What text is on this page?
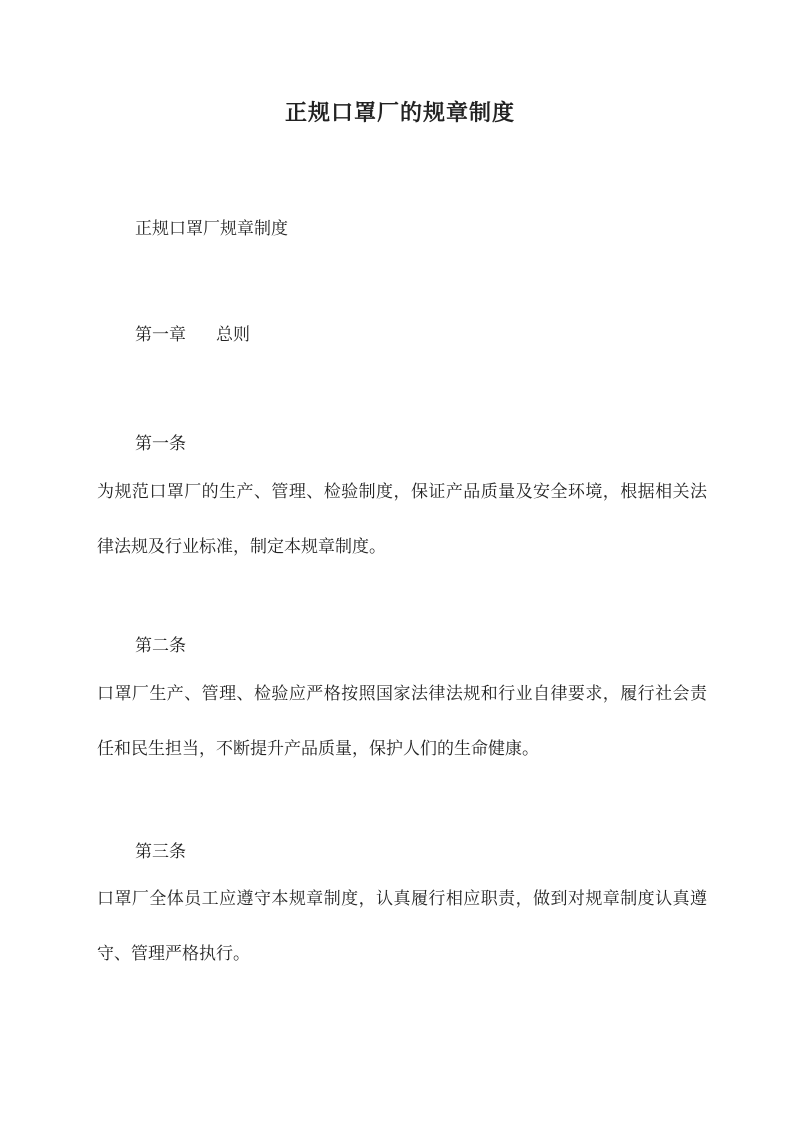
正规口罩厂的规章制度

正规口罩厂规章制度

第一章 总则

第一条

为规范口罩厂的生产、管理、检验制度，保证产品质量及安全环境，根据相关法律法规及行业标准，制定本规章制度。

第二条

口罩厂生产、管理、检验应严格按照国家法律法规和行业自律要求，履行社会责任和民生担当，不断提升产品质量，保护人们的生命健康。

第三条

口罩厂全体员工应遵守本规章制度，认真履行相应职责，做到对规章制度认真遵守、管理严格执行。
